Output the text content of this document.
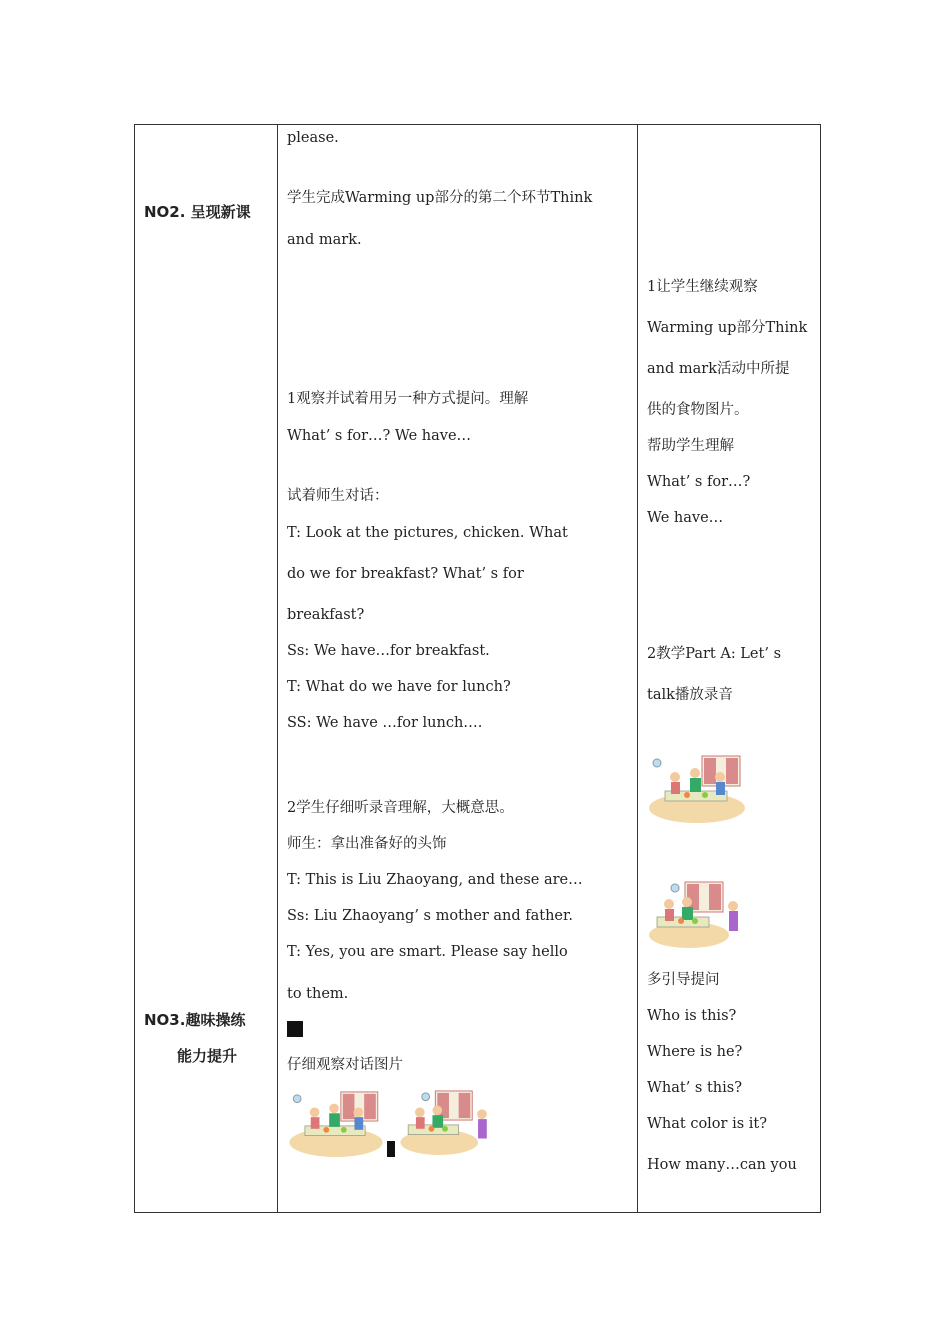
NO2. 呈现新课
NO3.趣味操练
能力提升
please.
学生完成Warming up部分的第二个环节Think
and mark.
1观察并试着用另一种方式提问。理解
What’ s for…? We have…
试着师生对话：
T: Look at the pictures, chicken. What
do we for breakfast? What’ s for
breakfast?
Ss: We have…for breakfast.
T: What do we have for lunch?
SS: We have …for lunch….
2学生仔细听录音理解，大概意思。
师生：拿出准备好的头饰
T: This is Liu Zhaoyang, and these are…
Ss: Liu Zhaoyang’ s mother and father.
T: Yes, you are smart. Please say hello
to them.
仔细观察对话图片
1让学生继续观察
Warming up部分Think
and mark活动中所提
供的食物图片。
帮助学生理解
What’ s for…?
We have…
2教学Part A: Let’ s
talk播放录音
多引导提问
Who is this?
Where is he?
What’ s this?
What color is it?
How many…can you
